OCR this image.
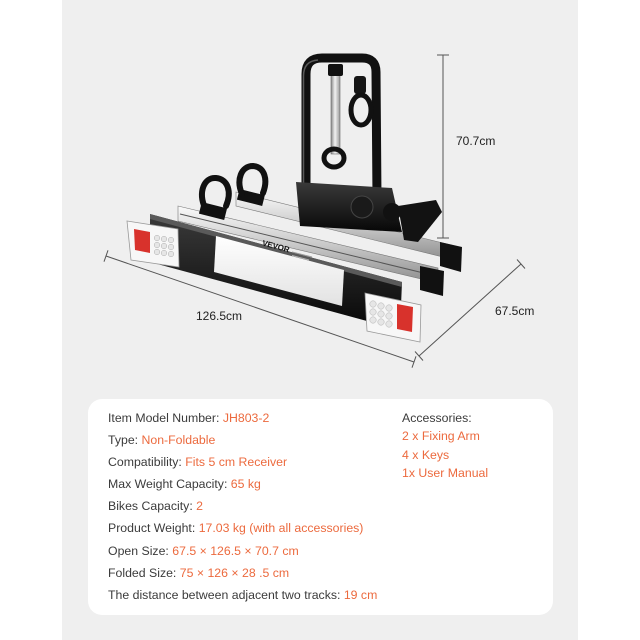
VEVOR
70.7cm
126.5cm	67.5cm
Item Model Number: JH803-2
Type: Non-Foldable
Compatibility: Fits 5 cm Receiver
Max Weight Capacity: 65 kg
Bikes Capacity: 2
Product Weight: 17.03 kg (with all accessories)
Open Size: 67.5 × 126.5 × 70.7 cm
Folded Size: 75 × 126 × 28 .5 cm
The distance between adjacent two tracks: 19 cm
Accessories:
2 x Fixing Arm
4 x Keys
1x User Manual
